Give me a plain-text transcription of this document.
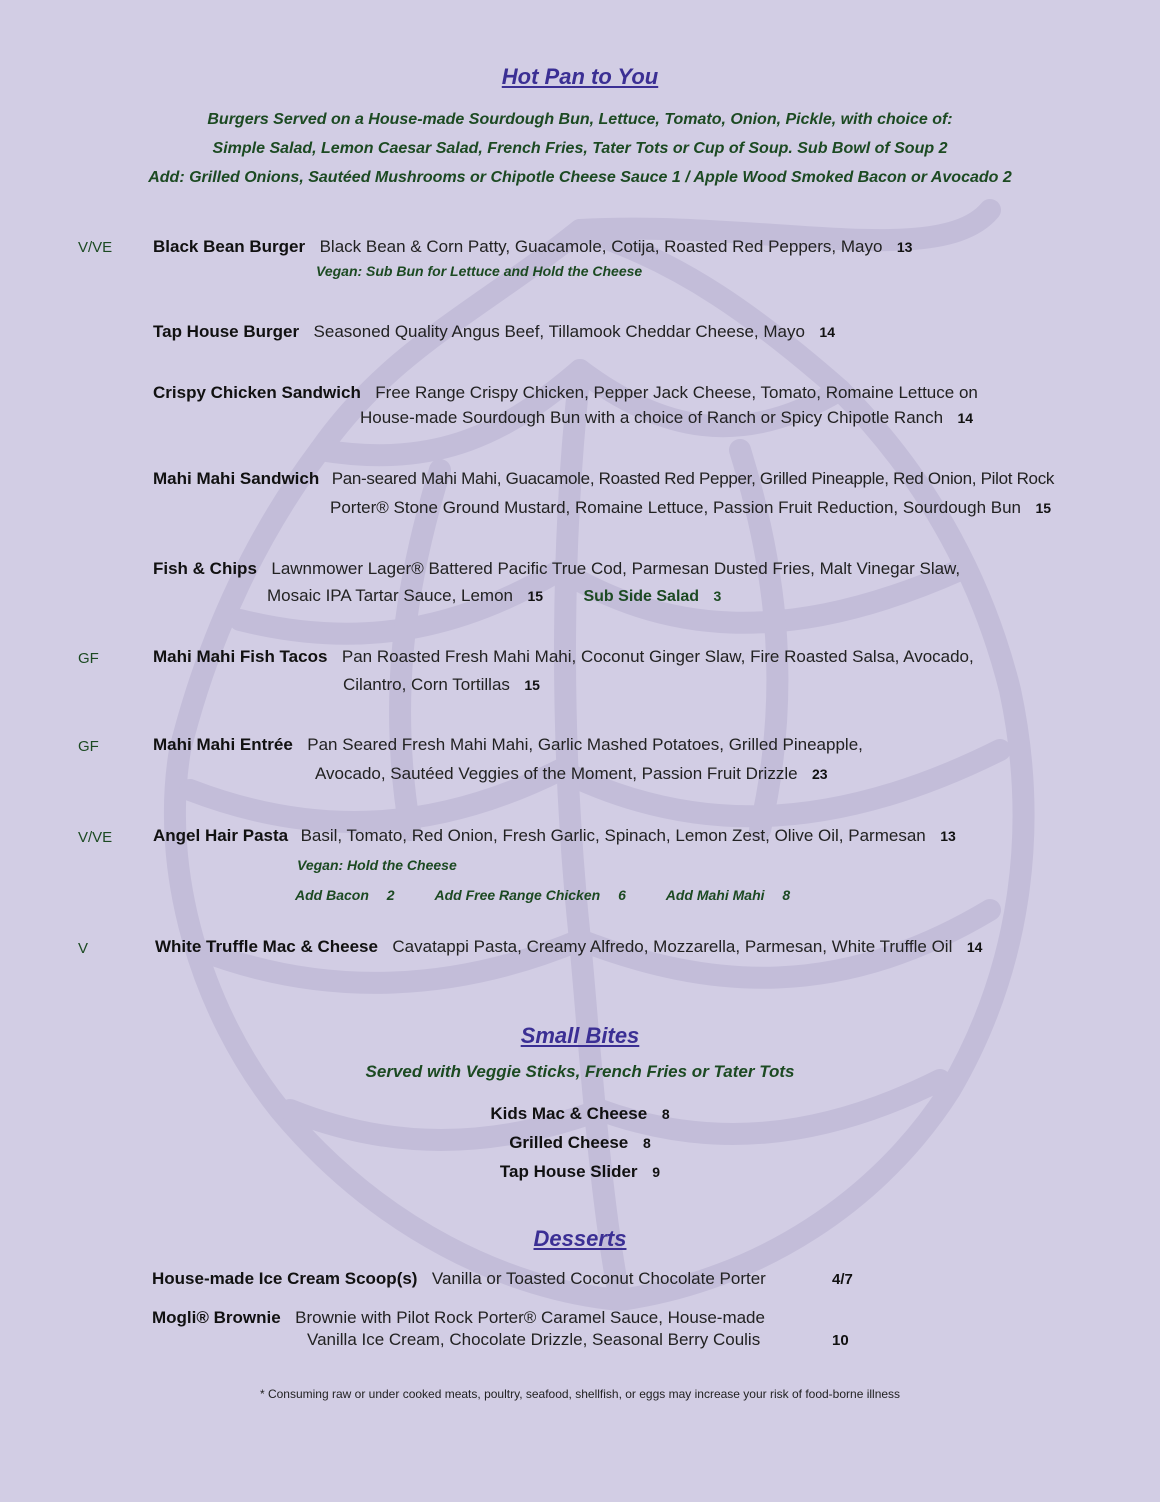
Hot Pan to You
Burgers Served on a House-made Sourdough Bun, Lettuce, Tomato, Onion, Pickle, with choice of:
Simple Salad, Lemon Caesar Salad, French Fries, Tater Tots or Cup of Soup. Sub Bowl of Soup 2
Add: Grilled Onions, Sautéed Mushrooms or Chipotle Cheese Sauce 1 / Apple Wood Smoked Bacon or Avocado 2
V/VE Black Bean Burger Black Bean & Corn Patty, Guacamole, Cotija, Roasted Red Peppers, Mayo 13
Vegan: Sub Bun for Lettuce and Hold the Cheese
Tap House Burger Seasoned Quality Angus Beef, Tillamook Cheddar Cheese, Mayo 14
Crispy Chicken Sandwich Free Range Crispy Chicken, Pepper Jack Cheese, Tomato, Romaine Lettuce on
House-made Sourdough Bun with a choice of Ranch or Spicy Chipotle Ranch 14
Mahi Mahi Sandwich Pan-seared Mahi Mahi, Guacamole, Roasted Red Pepper, Grilled Pineapple, Red Onion, Pilot Rock
Porter® Stone Ground Mustard, Romaine Lettuce, Passion Fruit Reduction, Sourdough Bun 15
Fish & Chips Lawnmower Lager® Battered Pacific True Cod, Parmesan Dusted Fries, Malt Vinegar Slaw,
Mosaic IPA Tartar Sauce, Lemon 15	Sub Side Salad 3
GF	Mahi Mahi Fish Tacos Pan Roasted Fresh Mahi Mahi, Coconut Ginger Slaw, Fire Roasted Salsa, Avocado,
Cilantro, Corn Tortillas 15
GF	Mahi Mahi Entrée Pan Seared Fresh Mahi Mahi, Garlic Mashed Potatoes, Grilled Pineapple,
Avocado, Sautéed Veggies of the Moment, Passion Fruit Drizzle 23
V/VE Angel Hair Pasta Basil, Tomato, Red Onion, Fresh Garlic, Spinach, Lemon Zest, Olive Oil, Parmesan 13
Vegan: Hold the Cheese
Add Bacon 2	Add Free Range Chicken 6	Add Mahi Mahi 8
V	White Truffle Mac & Cheese Cavatappi Pasta, Creamy Alfredo, Mozzarella, Parmesan, White Truffle Oil 14
Small Bites
Served with Veggie Sticks, French Fries or Tater Tots
Kids Mac & Cheese 8
Grilled Cheese 8
Tap House Slider 9
Desserts
House-made Ice Cream Scoop(s) Vanilla or Toasted Coconut Chocolate Porter	4/7
Mogli® Brownie Brownie with Pilot Rock Porter® Caramel Sauce, House-made
Vanilla Ice Cream, Chocolate Drizzle, Seasonal Berry Coulis	10
* Consuming raw or under cooked meats, poultry, seafood, shellfish, or eggs may increase your risk of food-borne illness
